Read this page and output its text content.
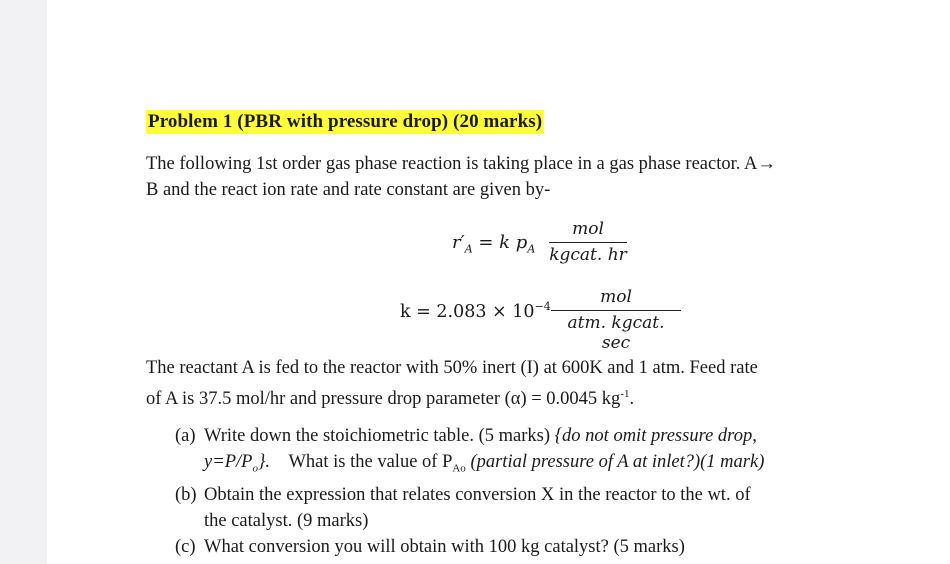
Problem 1 (PBR with pressure drop) (20 marks)
The following 1st order gas phase reaction is taking place in a gas phase reactor. A→
B and the react ion rate and rate constant are given by-
$r'_A = k$ $p_A$
mol
kgcat. hr
$k = 2.083 \times 10^{-4}$	mol
atm. kgcat. sec
The reactant A is fed to the reactor with 50% inert (I) at 600K and 1 atm. Feed rate
of A is 37.5 mol/hr and pressure drop parameter (α) = 0.0045 $kg^{-1}$.
(a) Write down the stoichiometric table. (5 marks) {do not omit pressure drop,
$y=P/P_o$}. What is the value of $P_{Ao}$ (partial pressure of A at inlet?)(1 mark)
(b) Obtain the expression that relates conversion X in the reactor to the wt. of
the catalyst. (9 marks)
(c) What conversion you will obtain with 100 kg catalyst? (5 marks)
